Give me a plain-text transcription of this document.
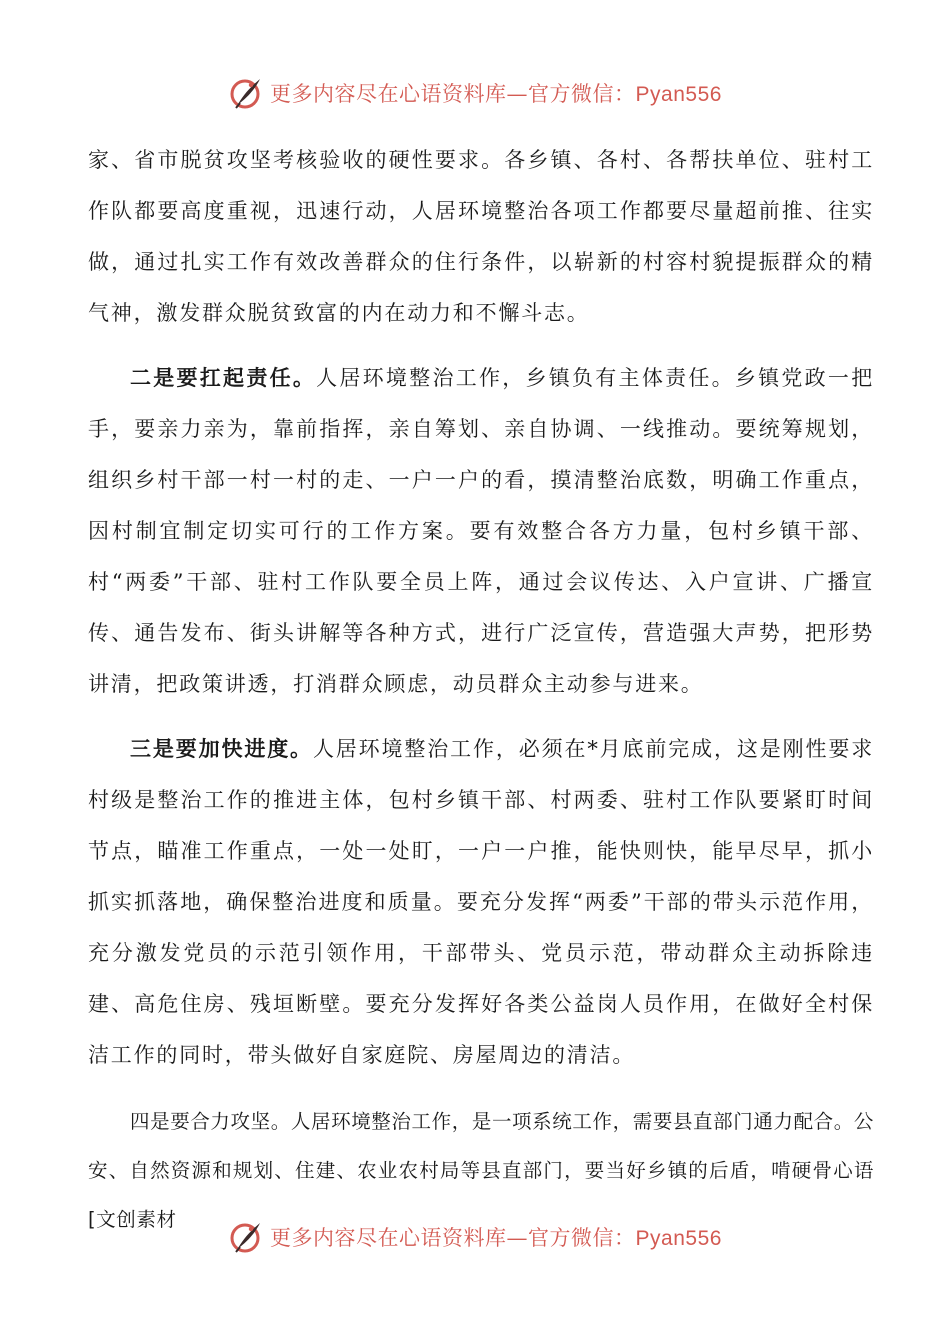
更多内容尽在心语资料库—官方微信：Pyan556

家、省市脱贫攻坚考核验收的硬性要求。各乡镇、各村、各帮扶单位、驻村工作队都要高度重视，迅速行动，人居环境整治各项工作都要尽量超前推、往实做，通过扎实工作有效改善群众的住行条件，以崭新的村容村貌提振群众的精气神，激发群众脱贫致富的内在动力和不懈斗志。

二是要扛起责任。人居环境整治工作，乡镇负有主体责任。乡镇党政一把手，要亲力亲为，靠前指挥，亲自筹划、亲自协调、一线推动。要统筹规划，组织乡村干部一村一村的走、一户一户的看，摸清整治底数，明确工作重点，因村制宜制定切实可行的工作方案。要有效整合各方力量，包村乡镇干部、村“两委”干部、驻村工作队要全员上阵，通过会议传达、入户宣讲、广播宣传、通告发布、街头讲解等各种方式，进行广泛宣传，营造强大声势，把形势讲清，把政策讲透，打消群众顾虑，动员群众主动参与进来。

三是要加快进度。人居环境整治工作，必须在*月底前完成，这是刚性要求村级是整治工作的推进主体，包村乡镇干部、村两委、驻村工作队要紧盯时间节点，瞄准工作重点，一处一处盯，一户一户推，能快则快，能早尽早，抓小抓实抓落地，确保整治进度和质量。要充分发挥“两委”干部的带头示范作用，充分激发党员的示范引领作用，干部带头、党员示范，带动群众主动拆除违建、高危住房、残垣断壁。要充分发挥好各类公益岗人员作用，在做好全村保洁工作的同时，带头做好自家庭院、房屋周边的清洁。

四是要合力攻坚。人居环境整治工作，是一项系统工作，需要县直部门通力配合。公安、自然资源和规划、住建、农业农村局等县直部门，要当好乡镇的后盾，啃硬骨心语[文创素材

更多内容尽在心语资料库—官方微信：Pyan556
